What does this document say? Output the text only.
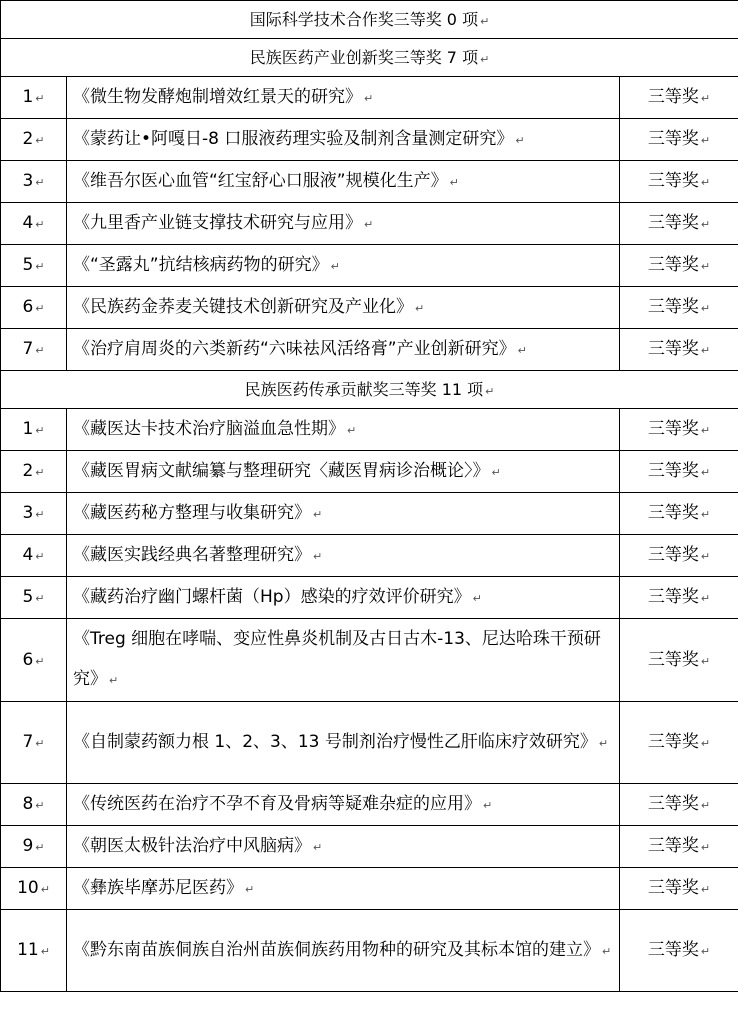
国际科学技术合作奖三等奖 0 项 ↵		
民族医药产业创新奖三等奖 7 项 ↵		
1 ↵	《微生物发酵炮制增效红景天的研究》 ↵	三等奖 ↵
2 ↵	《蒙药让•阿嘎日-8 口服液药理实验及制剂含量测定研究》 ↵	三等奖 ↵
3 ↵	《维吾尔医心血管“红宝舒心口服液”规模化生产》 ↵	三等奖 ↵
4 ↵	《九里香产业链支撑技术研究与应用》 ↵	三等奖 ↵
5 ↵	《“圣露丸”抗结核病药物的研究》 ↵	三等奖 ↵
6 ↵	《民族药金荞麦关键技术创新研究及产业化》 ↵	三等奖 ↵
7 ↵	《治疗肩周炎的六类新药“六味祛风活络膏”产业创新研究》 ↵	三等奖 ↵
民族医药传承贡献奖三等奖 11 项 ↵		
1 ↵	《藏医达卡技术治疗脑溢血急性期》 ↵	三等奖 ↵
2 ↵	《藏医胃病文献编纂与整理研究〈藏医胃病诊治概论〉》 ↵	三等奖 ↵
3 ↵	《藏医药秘方整理与收集研究》 ↵	三等奖 ↵
4 ↵	《藏医实践经典名著整理研究》 ↵	三等奖 ↵
5 ↵	《藏药治疗幽门螺杆菌（Hp）感染的疗效评价研究》 ↵	三等奖 ↵
6 ↵	《Treg 细胞在哮喘、变应性鼻炎机制及古日古木-13、尼达哈珠干预研究》 ↵	三等奖 ↵
7 ↵	《自制蒙药额力根 1、2、3、13 号制剂治疗慢性乙肝临床疗效研究》 ↵	三等奖 ↵
8 ↵	《传统医药在治疗不孕不育及骨病等疑难杂症的应用》 ↵	三等奖 ↵
9 ↵	《朝医太极针法治疗中风脑病》 ↵	三等奖 ↵
10 ↵	《彝族毕摩苏尼医药》 ↵	三等奖 ↵
11 ↵	《黔东南苗族侗族自治州苗族侗族药用物种的研究及其标本馆的建立》 ↵	三等奖 ↵
